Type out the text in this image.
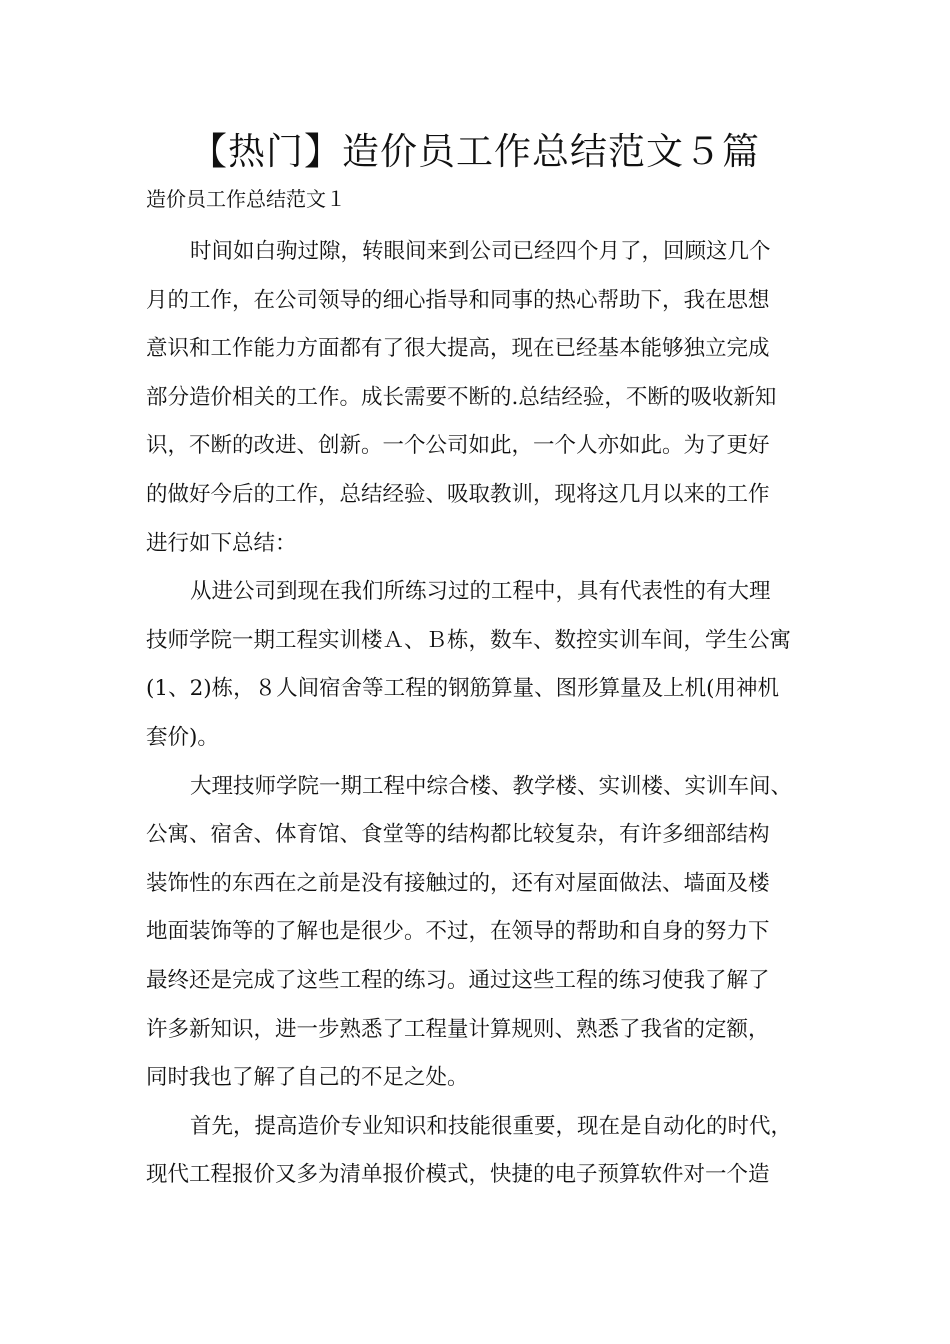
【热门】造价员工作总结范文５篇
造价员工作总结范文１

时间如白驹过隙，转眼间来到公司已经四个月了，回顾这几个
月的工作，在公司领导的细心指导和同事的热心帮助下，我在思想
意识和工作能力方面都有了很大提高，现在已经基本能够独立完成
部分造价相关的工作。成长需要不断的.总结经验，不断的吸收新知
识，不断的改进、创新。一个公司如此，一个人亦如此。为了更好
的做好今后的工作，总结经验、吸取教训，现将这几月以来的工作
进行如下总结：

从进公司到现在我们所练习过的工程中，具有代表性的有大理
技师学院一期工程实训楼Ａ、Ｂ栋，数车、数控实训车间，学生公寓
(1、2)栋，８人间宿舍等工程的钢筋算量、图形算量及上机(用神机
套价)。

大理技师学院一期工程中综合楼、教学楼、实训楼、实训车间、
公寓、宿舍、体育馆、食堂等的结构都比较复杂，有许多细部结构
装饰性的东西在之前是没有接触过的，还有对屋面做法、墙面及楼
地面装饰等的了解也是很少。不过，在领导的帮助和自身的努力下
最终还是完成了这些工程的练习。通过这些工程的练习使我了解了
许多新知识，进一步熟悉了工程量计算规则、熟悉了我省的定额，
同时我也了解了自己的不足之处。

首先，提高造价专业知识和技能很重要，现在是自动化的时代，
现代工程报价又多为清单报价模式，快捷的电子预算软件对一个造
